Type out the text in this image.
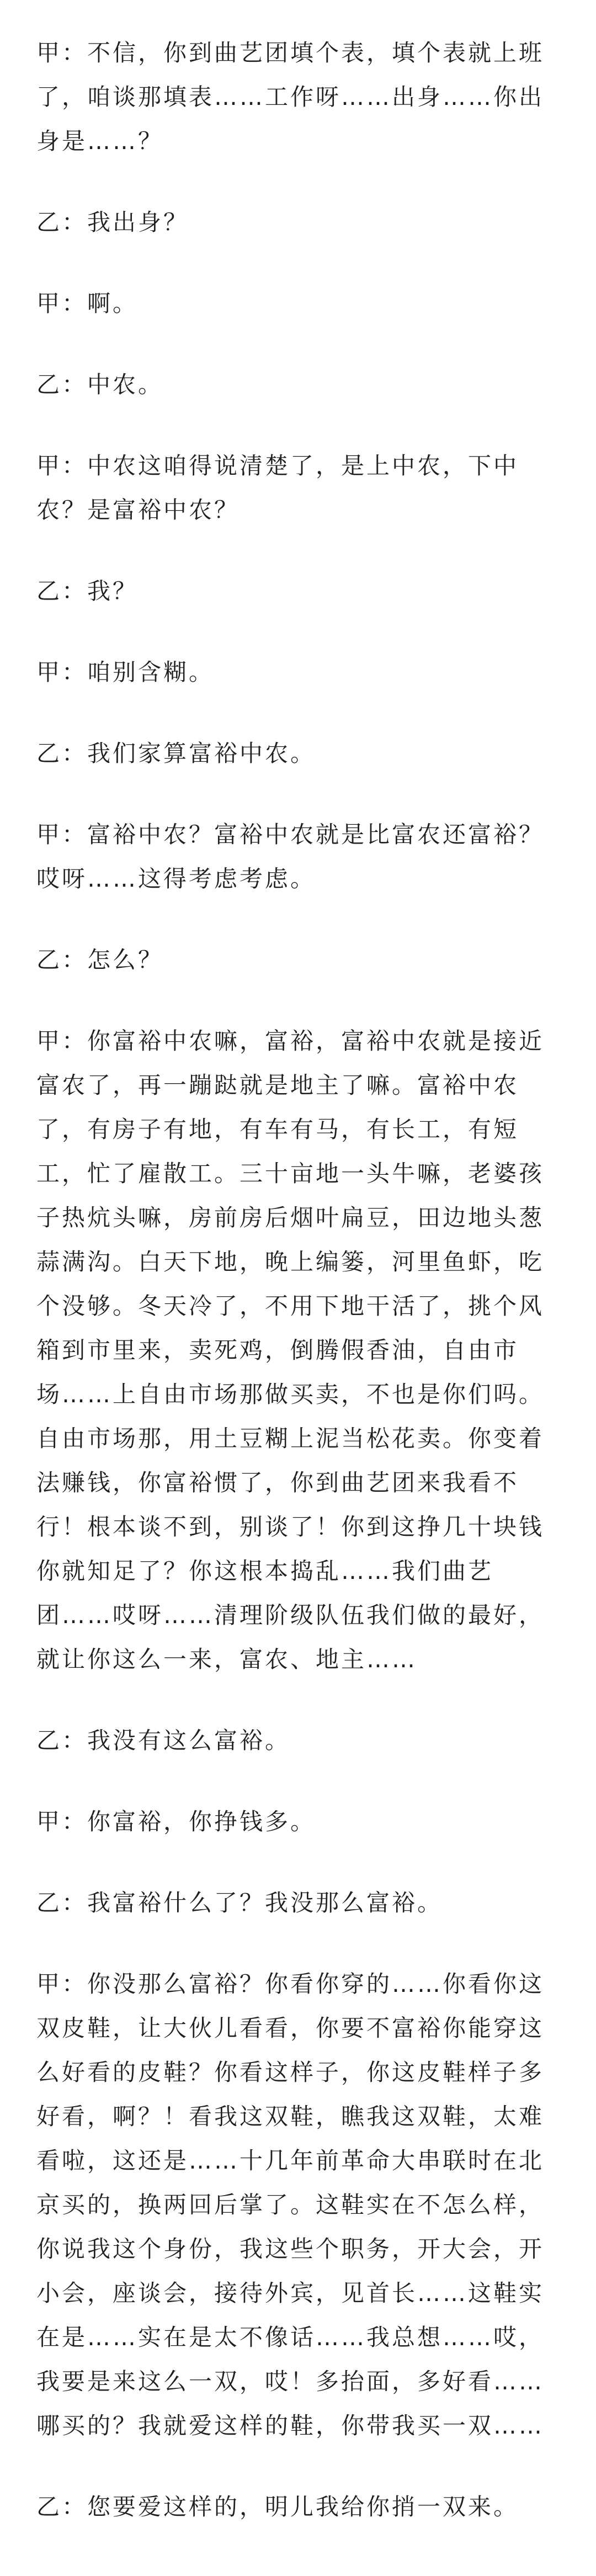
甲：不信，你到曲艺团填个表，填个表就上班了，咱谈那填表……工作呀……出身……你出身是……？

乙：我出身？

甲：啊。

乙：中农。

甲：中农这咱得说清楚了，是上中农，下中农？是富裕中农？

乙：我？

甲：咱别含糊。

乙：我们家算富裕中农。

甲：富裕中农？富裕中农就是比富农还富裕？哎呀……这得考虑考虑。

乙：怎么？

甲：你富裕中农嘛，富裕，富裕中农就是接近富农了，再一蹦跶就是地主了嘛。富裕中农了，有房子有地，有车有马，有长工，有短工，忙了雇散工。三十亩地一头牛嘛，老婆孩子热炕头嘛，房前房后烟叶扁豆，田边地头葱蒜满沟。白天下地，晚上编篓，河里鱼虾，吃个没够。冬天冷了，不用下地干活了，挑个风箱到市里来，卖死鸡，倒腾假香油，自由市场……上自由市场那做买卖，不也是你们吗。自由市场那，用土豆糊上泥当松花卖。你变着法赚钱，你富裕惯了，你到曲艺团来我看不行！根本谈不到，别谈了！你到这挣几十块钱你就知足了？你这根本捣乱……我们曲艺团……哎呀……清理阶级队伍我们做的最好，就让你这么一来，富农、地主……

乙：我没有这么富裕。

甲：你富裕，你挣钱多。

乙：我富裕什么了？我没那么富裕。

甲：你没那么富裕？你看你穿的……你看你这双皮鞋，让大伙儿看看，你要不富裕你能穿这么好看的皮鞋？你看这样子，你这皮鞋样子多好看，啊？！看我这双鞋，瞧我这双鞋，太难看啦，这还是……十几年前革命大串联时在北京买的，换两回后掌了。这鞋实在不怎么样，你说我这个身份，我这些个职务，开大会，开小会，座谈会，接待外宾，见首长……这鞋实在是……实在是太不像话……我总想……哎，我要是来这么一双，哎！多抬面，多好看……哪买的？我就爱这样的鞋，你带我买一双……

乙：您要爱这样的，明儿我给你捎一双来。
